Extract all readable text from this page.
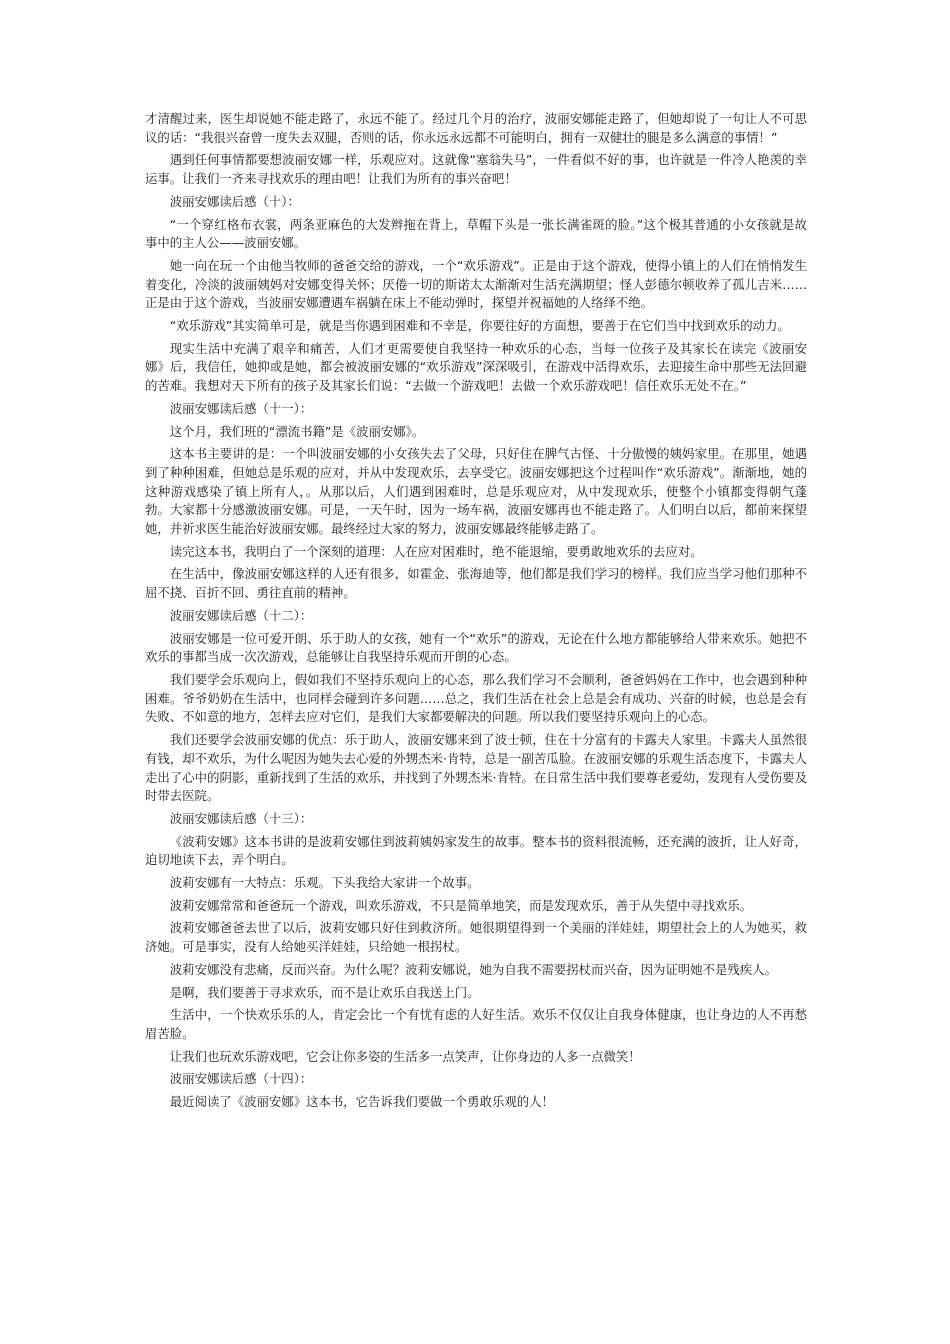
才清醒过来，医生却说她不能走路了，永远不能了。经过几个月的治疗，波丽安娜能走路了，但她却说了一句让人不可思议的话：“我很兴奋曾一度失去双腿，否则的话，你永远永远都不可能明白，拥有一双健壮的腿是多么满意的事情！”

遇到任何事情都要想波丽安娜一样，乐观应对。这就像“塞翁失马”，一件看似不好的事，也许就是一件冷人艳羡的幸运事。让我们一齐来寻找欢乐的理由吧！让我们为所有的事兴奋吧！

波丽安娜读后感（十）：

“一个穿红格布衣裳，两条亚麻色的大发辫拖在背上，草帽下头是一张长满雀斑的脸。”这个极其普通的小女孩就是故事中的主人公——波丽安娜。

她一向在玩一个由他当牧师的爸爸交给的游戏，一个“欢乐游戏”。正是由于这个游戏，使得小镇上的人们在悄悄发生着变化，冷淡的波丽姨妈对安娜变得关怀；厌倦一切的斯诺太太渐渐对生活充满期望；怪人彭德尔顿收养了孤儿吉米……正是由于这个游戏，当波丽安娜遭遇车祸躺在床上不能动弹时，探望并祝福她的人络绎不绝。

“欢乐游戏”其实简单可是，就是当你遇到困难和不幸是，你要往好的方面想，要善于在它们当中找到欢乐的动力。

现实生活中充满了艰辛和痛苦，人们才更需要使自我坚持一种欢乐的心态，当每一位孩子及其家长在读完《波丽安娜》后，我信任，她抑或是她，都会被波丽安娜的“欢乐游戏”深深吸引，在游戏中活得欢乐，去迎接生命中那些无法回避的苦难。我想对天下所有的孩子及其家长们说：“去做一个游戏吧！去做一个欢乐游戏吧！信任欢乐无处不在。”

波丽安娜读后感（十一）：

这个月，我们班的“漂流书籍”是《波丽安娜》。

这本书主要讲的是：一个叫波丽安娜的小女孩失去了父母，只好住在脾气古怪、十分傲慢的姨妈家里。在那里，她遇到了种种困难，但她总是乐观的应对，并从中发现欢乐，去享受它。波丽安娜把这个过程叫作“欢乐游戏”。渐渐地，她的这种游戏感染了镇上所有人，。从那以后，人们遇到困难时，总是乐观应对，从中发现欢乐，使整个小镇都变得朝气蓬勃。大家都十分感激波丽安娜。可是，一天午时，因为一场车祸，波丽安娜再也不能走路了。人们明白以后，都前来探望她，并祈求医生能治好波丽安娜。最终经过大家的努力，波丽安娜最终能够走路了。

读完这本书，我明白了一个深刻的道理：人在应对困难时，绝不能退缩，要勇敢地欢乐的去应对。

在生活中，像波丽安娜这样的人还有很多，如霍金、张海迪等，他们都是我们学习的榜样。我们应当学习他们那种不屈不挠、百折不回、勇往直前的精神。

波丽安娜读后感（十二）：

波丽安娜是一位可爱开朗、乐于助人的女孩，她有一个“欢乐”的游戏，无论在什么地方都能够给人带来欢乐。她把不欢乐的事都当成一次次游戏，总能够让自我坚持乐观而开朗的心态。

我们要学会乐观向上，假如我们不坚持乐观向上的心态，那么我们学习不会顺利，爸爸妈妈在工作中，也会遇到种种困难。爷爷奶奶在生活中，也同样会碰到许多问题……总之，我们生活在社会上总是会有成功、兴奋的时候，也总是会有失败、不如意的地方，怎样去应对它们，是我们大家都要解决的问题。所以我们要坚持乐观向上的心态。

我们还要学会波丽安娜的优点：乐于助人，波丽安娜来到了波士顿，住在十分富有的卡露夫人家里。卡露夫人虽然很有钱，却不欢乐，为什么呢因为她失去心爱的外甥杰米·肯特，总是一副苦瓜脸。在波丽安娜的乐观生活态度下，卡露夫人走出了心中的阴影，重新找到了生活的欢乐，并找到了外甥杰米·肯特。在日常生活中我们要尊老爱幼，发现有人受伤要及时带去医院。

波丽安娜读后感（十三）：

《波莉安娜》这本书讲的是波莉安娜住到波莉姨妈家发生的故事。整本书的资料很流畅，还充满的波折，让人好奇，迫切地读下去，弄个明白。

波莉安娜有一大特点：乐观。下头我给大家讲一个故事。

波莉安娜常常和爸爸玩一个游戏，叫欢乐游戏，不只是简单地笑，而是发现欢乐，善于从失望中寻找欢乐。

波莉安娜爸爸去世了以后，波莉安娜只好住到救济所。她很期望得到一个美丽的洋娃娃，期望社会上的人为她买，救济她。可是事实，没有人给她买洋娃娃，只给她一根拐杖。

波莉安娜没有悲痛，反而兴奋。为什么呢？波莉安娜说，她为自我不需要拐杖而兴奋，因为证明她不是残疾人。

是啊，我们要善于寻求欢乐，而不是让欢乐自我送上门。

生活中，一个快欢乐乐的人，肯定会比一个有忧有虑的人好生活。欢乐不仅仅让自我身体健康，也让身边的人不再愁眉苦脸。

让我们也玩欢乐游戏吧，它会让你多姿的生活多一点笑声，让你身边的人多一点微笑！

波丽安娜读后感（十四）：

最近阅读了《波丽安娜》这本书，它告诉我们要做一个勇敢乐观的人！
